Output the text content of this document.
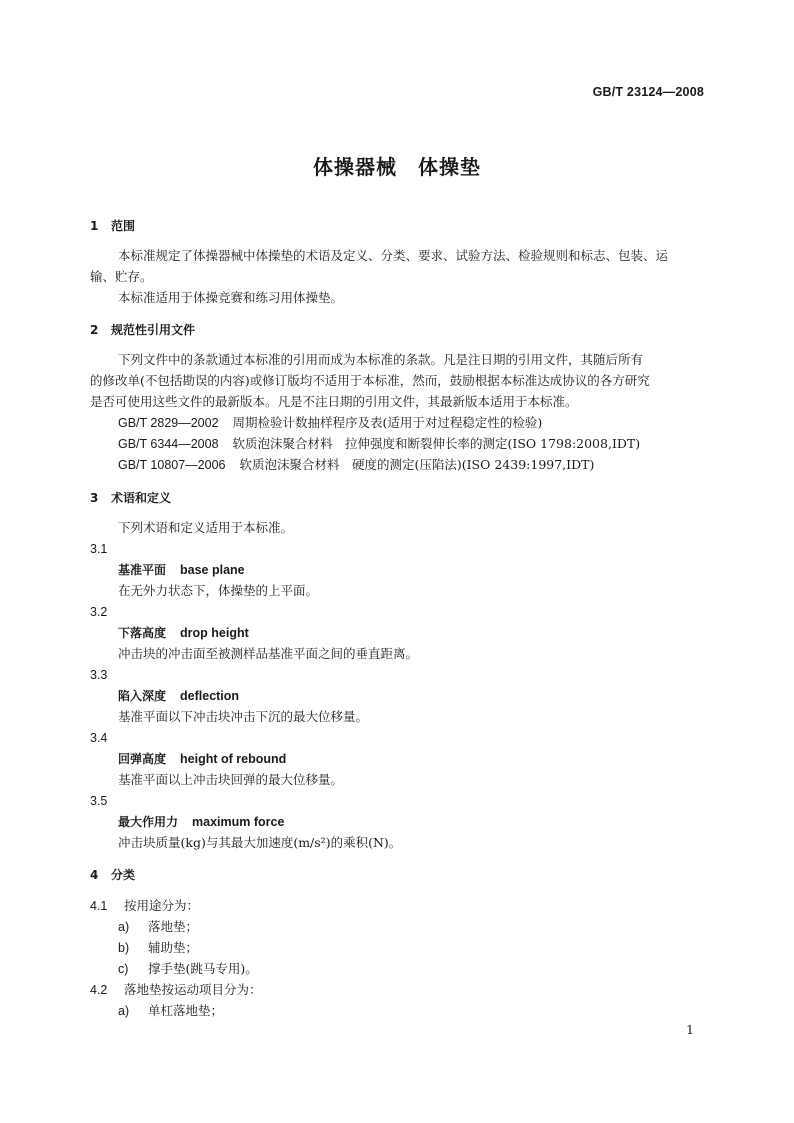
GB/T 23124—2008
体操器械　体操垫
1 范围
本标准规定了体操器械中体操垫的术语及定义、分类、要求、试验方法、检验规则和标志、包装、运
输、贮存。
本标准适用于体操竞赛和练习用体操垫。
2 规范性引用文件
下列文件中的条款通过本标准的引用而成为本标准的条款。凡是注日期的引用文件，其随后所有
的修改单(不包括勘误的内容)或修订版均不适用于本标准，然而，鼓励根据本标准达成协议的各方研究
是否可使用这些文件的最新版本。凡是不注日期的引用文件，其最新版本适用于本标准。
GB/T 2829—2002 周期检验计数抽样程序及表(适用于对过程稳定性的检验)
GB/T 6344—2008 软质泡沫聚合材料　拉伸强度和断裂伸长率的测定(ISO 1798:2008,IDT)
GB/T 10807—2006 软质泡沫聚合材料　硬度的测定(压陷法)(ISO 2439:1997,IDT)
3 术语和定义
下列术语和定义适用于本标准。
3.1
基准平面 base plane
在无外力状态下，体操垫的上平面。
3.2
下落高度 drop height
冲击块的冲击面至被测样品基准平面之间的垂直距离。
3.3
陷入深度 deflection
基准平面以下冲击块冲击下沉的最大位移量。
3.4
回弹高度 height of rebound
基准平面以上冲击块回弹的最大位移量。
3.5
最大作用力 maximum force
冲击块质量(kg)与其最大加速度(m/s²)的乘积(N)。
4 分类
4.1 按用途分为：
a) 落地垫；
b) 辅助垫；
c) 撑手垫(跳马专用)。
4.2 落地垫按运动项目分为：
a) 单杠落地垫；
1
